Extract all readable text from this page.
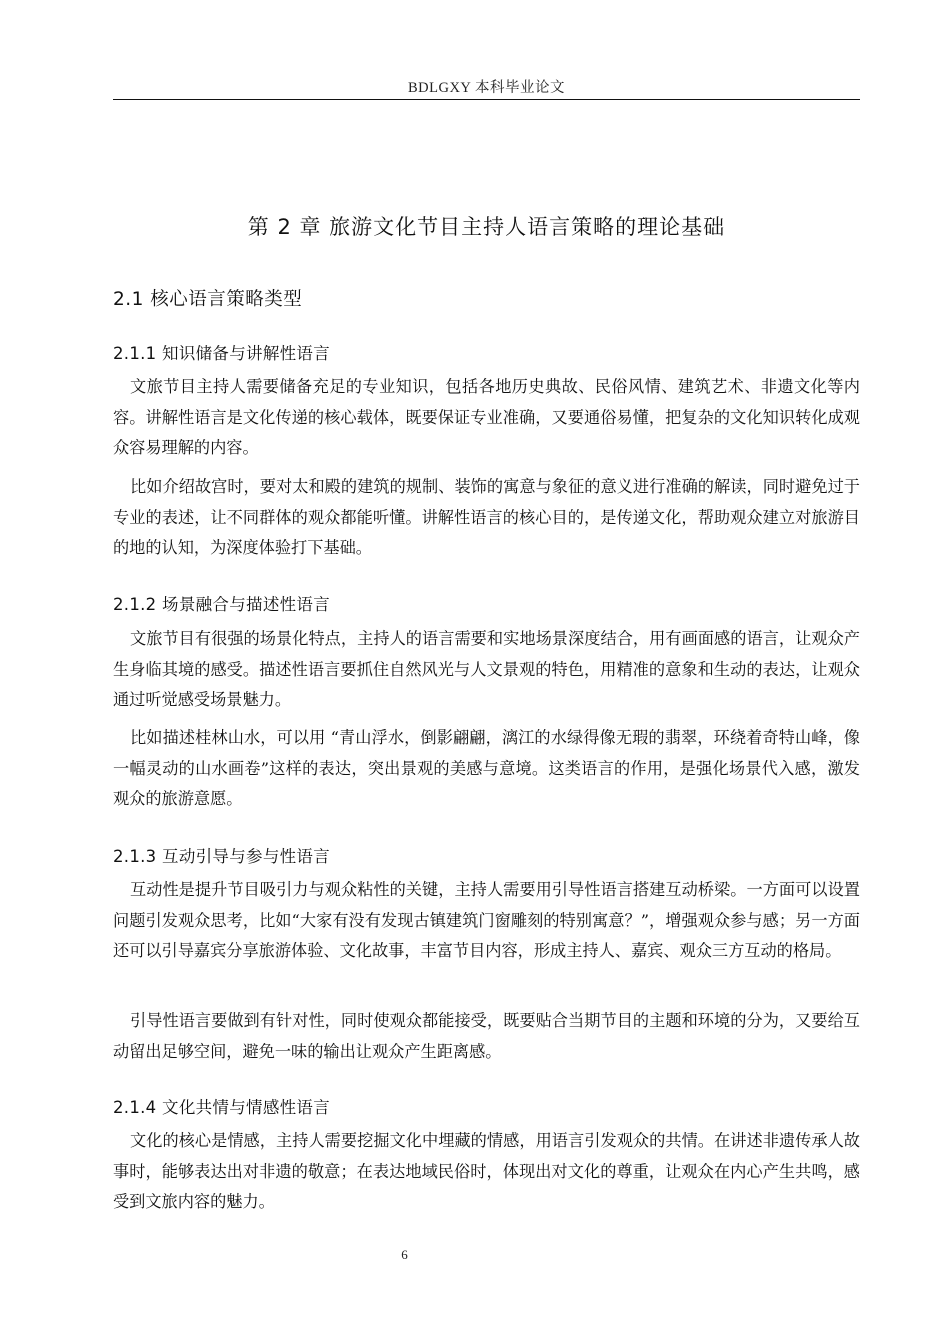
BDLGXY 本科毕业论文
第 2 章 旅游文化节目主持人语言策略的理论基础
2.1 核心语言策略类型
2.1.1 知识储备与讲解性语言

文旅节目主持人需要储备充足的专业知识，包括各地历史典故、民俗风情、建筑艺术、非遗文化等内容。讲解性语言是文化传递的核心载体，既要保证专业准确，又要通俗易懂，把复杂的文化知识转化成观众容易理解的内容。

比如介绍故宫时，要对太和殿的建筑的规制、装饰的寓意与象征的意义进行准确的解读，同时避免过于专业的表述，让不同群体的观众都能听懂。讲解性语言的核心目的，是传递文化，帮助观众建立对旅游目的地的认知，为深度体验打下基础。

2.1.2 场景融合与描述性语言

文旅节目有很强的场景化特点，主持人的语言需要和实地场景深度结合，用有画面感的语言，让观众产生身临其境的感受。描述性语言要抓住自然风光与人文景观的特色，用精准的意象和生动的表达，让观众通过听觉感受场景魅力。

比如描述桂林山水，可以用 “青山浮水，倒影翩翩，漓江的水绿得像无瑕的翡翠，环绕着奇特山峰，像一幅灵动的山水画卷”这样的表达，突出景观的美感与意境。这类语言的作用，是强化场景代入感，激发观众的旅游意愿。

2.1.3 互动引导与参与性语言

互动性是提升节目吸引力与观众粘性的关键，主持人需要用引导性语言搭建互动桥梁。一方面可以设置问题引发观众思考，比如“大家有没有发现古镇建筑门窗雕刻的特别寓意？”，增强观众参与感；另一方面还可以引导嘉宾分享旅游体验、文化故事，丰富节目内容，形成主持人、嘉宾、观众三方互动的格局。

引导性语言要做到有针对性，同时使观众都能接受，既要贴合当期节目的主题和环境的分为，又要给互动留出足够空间，避免一味的输出让观众产生距离感。

2.1.4 文化共情与情感性语言

文化的核心是情感，主持人需要挖掘文化中埋藏的情感，用语言引发观众的共情。在讲述非遗传承人故事时，能够表达出对非遗的敬意；在表达地域民俗时，体现出对文化的尊重，让观众在内心产生共鸣，感受到文旅内容的魅力。

6
